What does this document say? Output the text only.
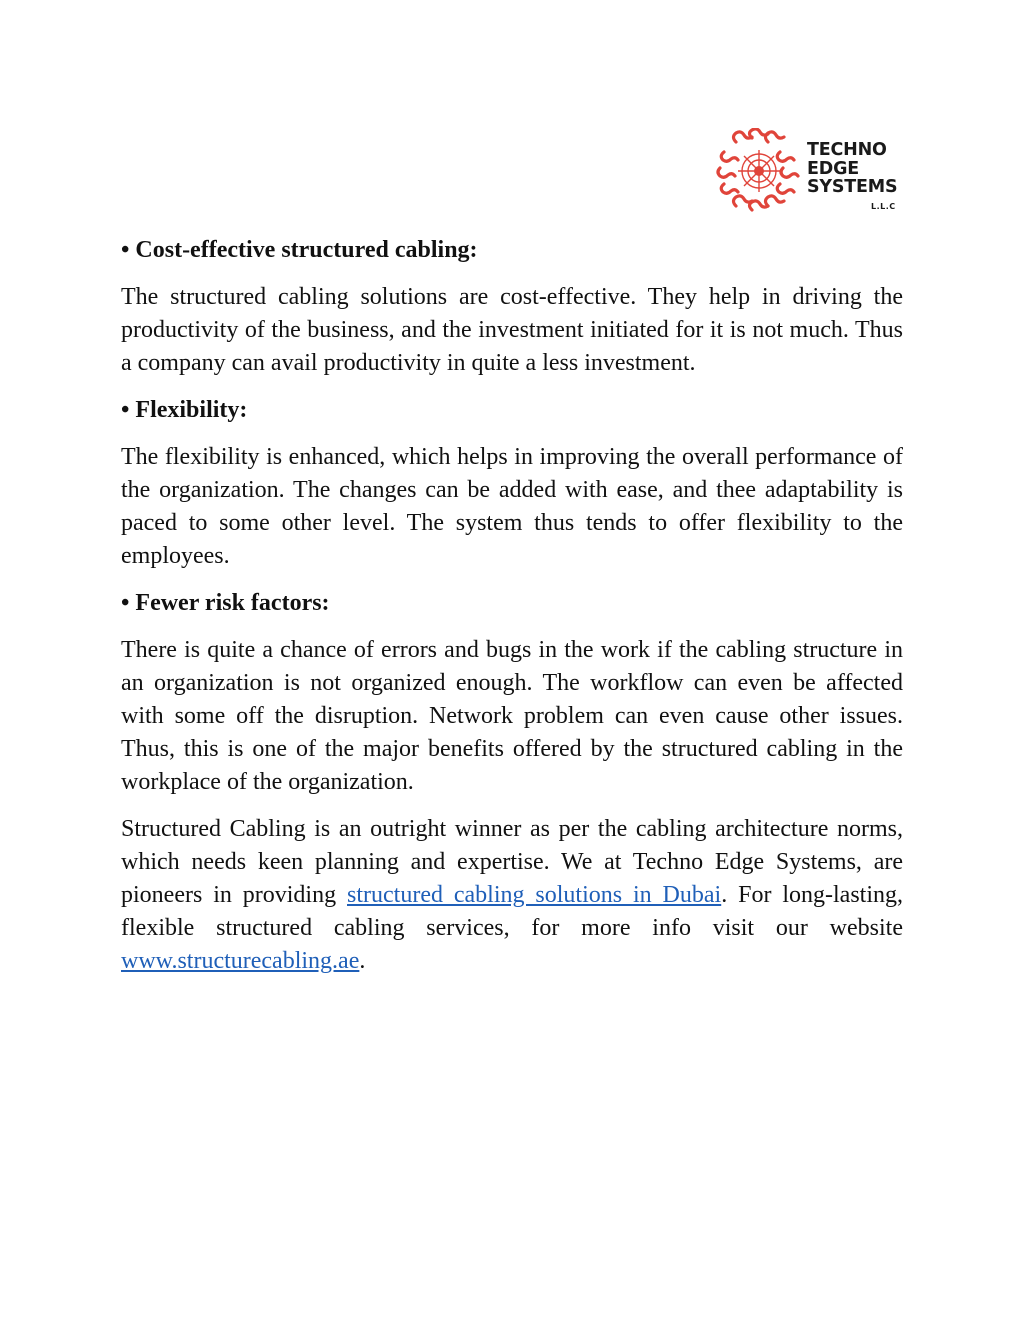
TECHNO
EDGE
SYSTEMS
L.L.C
• Cost-effective structured cabling:
The structured cabling solutions are cost-effective. They help in driving the productivity of the business, and the investment initiated for it is not much. Thus a company can avail productivity in quite a less investment.
• Flexibility:
The flexibility is enhanced, which helps in improving the overall performance of the organization. The changes can be added with ease, and thee adaptability is paced to some other level. The system thus tends to offer flexibility to the employees.
• Fewer risk factors:
There is quite a chance of errors and bugs in the work if the cabling structure in an organization is not organized enough. The workflow can even be affected with some off the disruption. Network problem can even cause other issues. Thus, this is one of the major benefits offered by the structured cabling in the workplace of the organization.
Structured Cabling is an outright winner as per the cabling architecture norms, which needs keen planning and expertise. We at Techno Edge Systems, are pioneers in providing structured cabling solutions in Dubai. For long-lasting, flexible structured cabling services, for more info visit our website www.structurecabling.ae.
